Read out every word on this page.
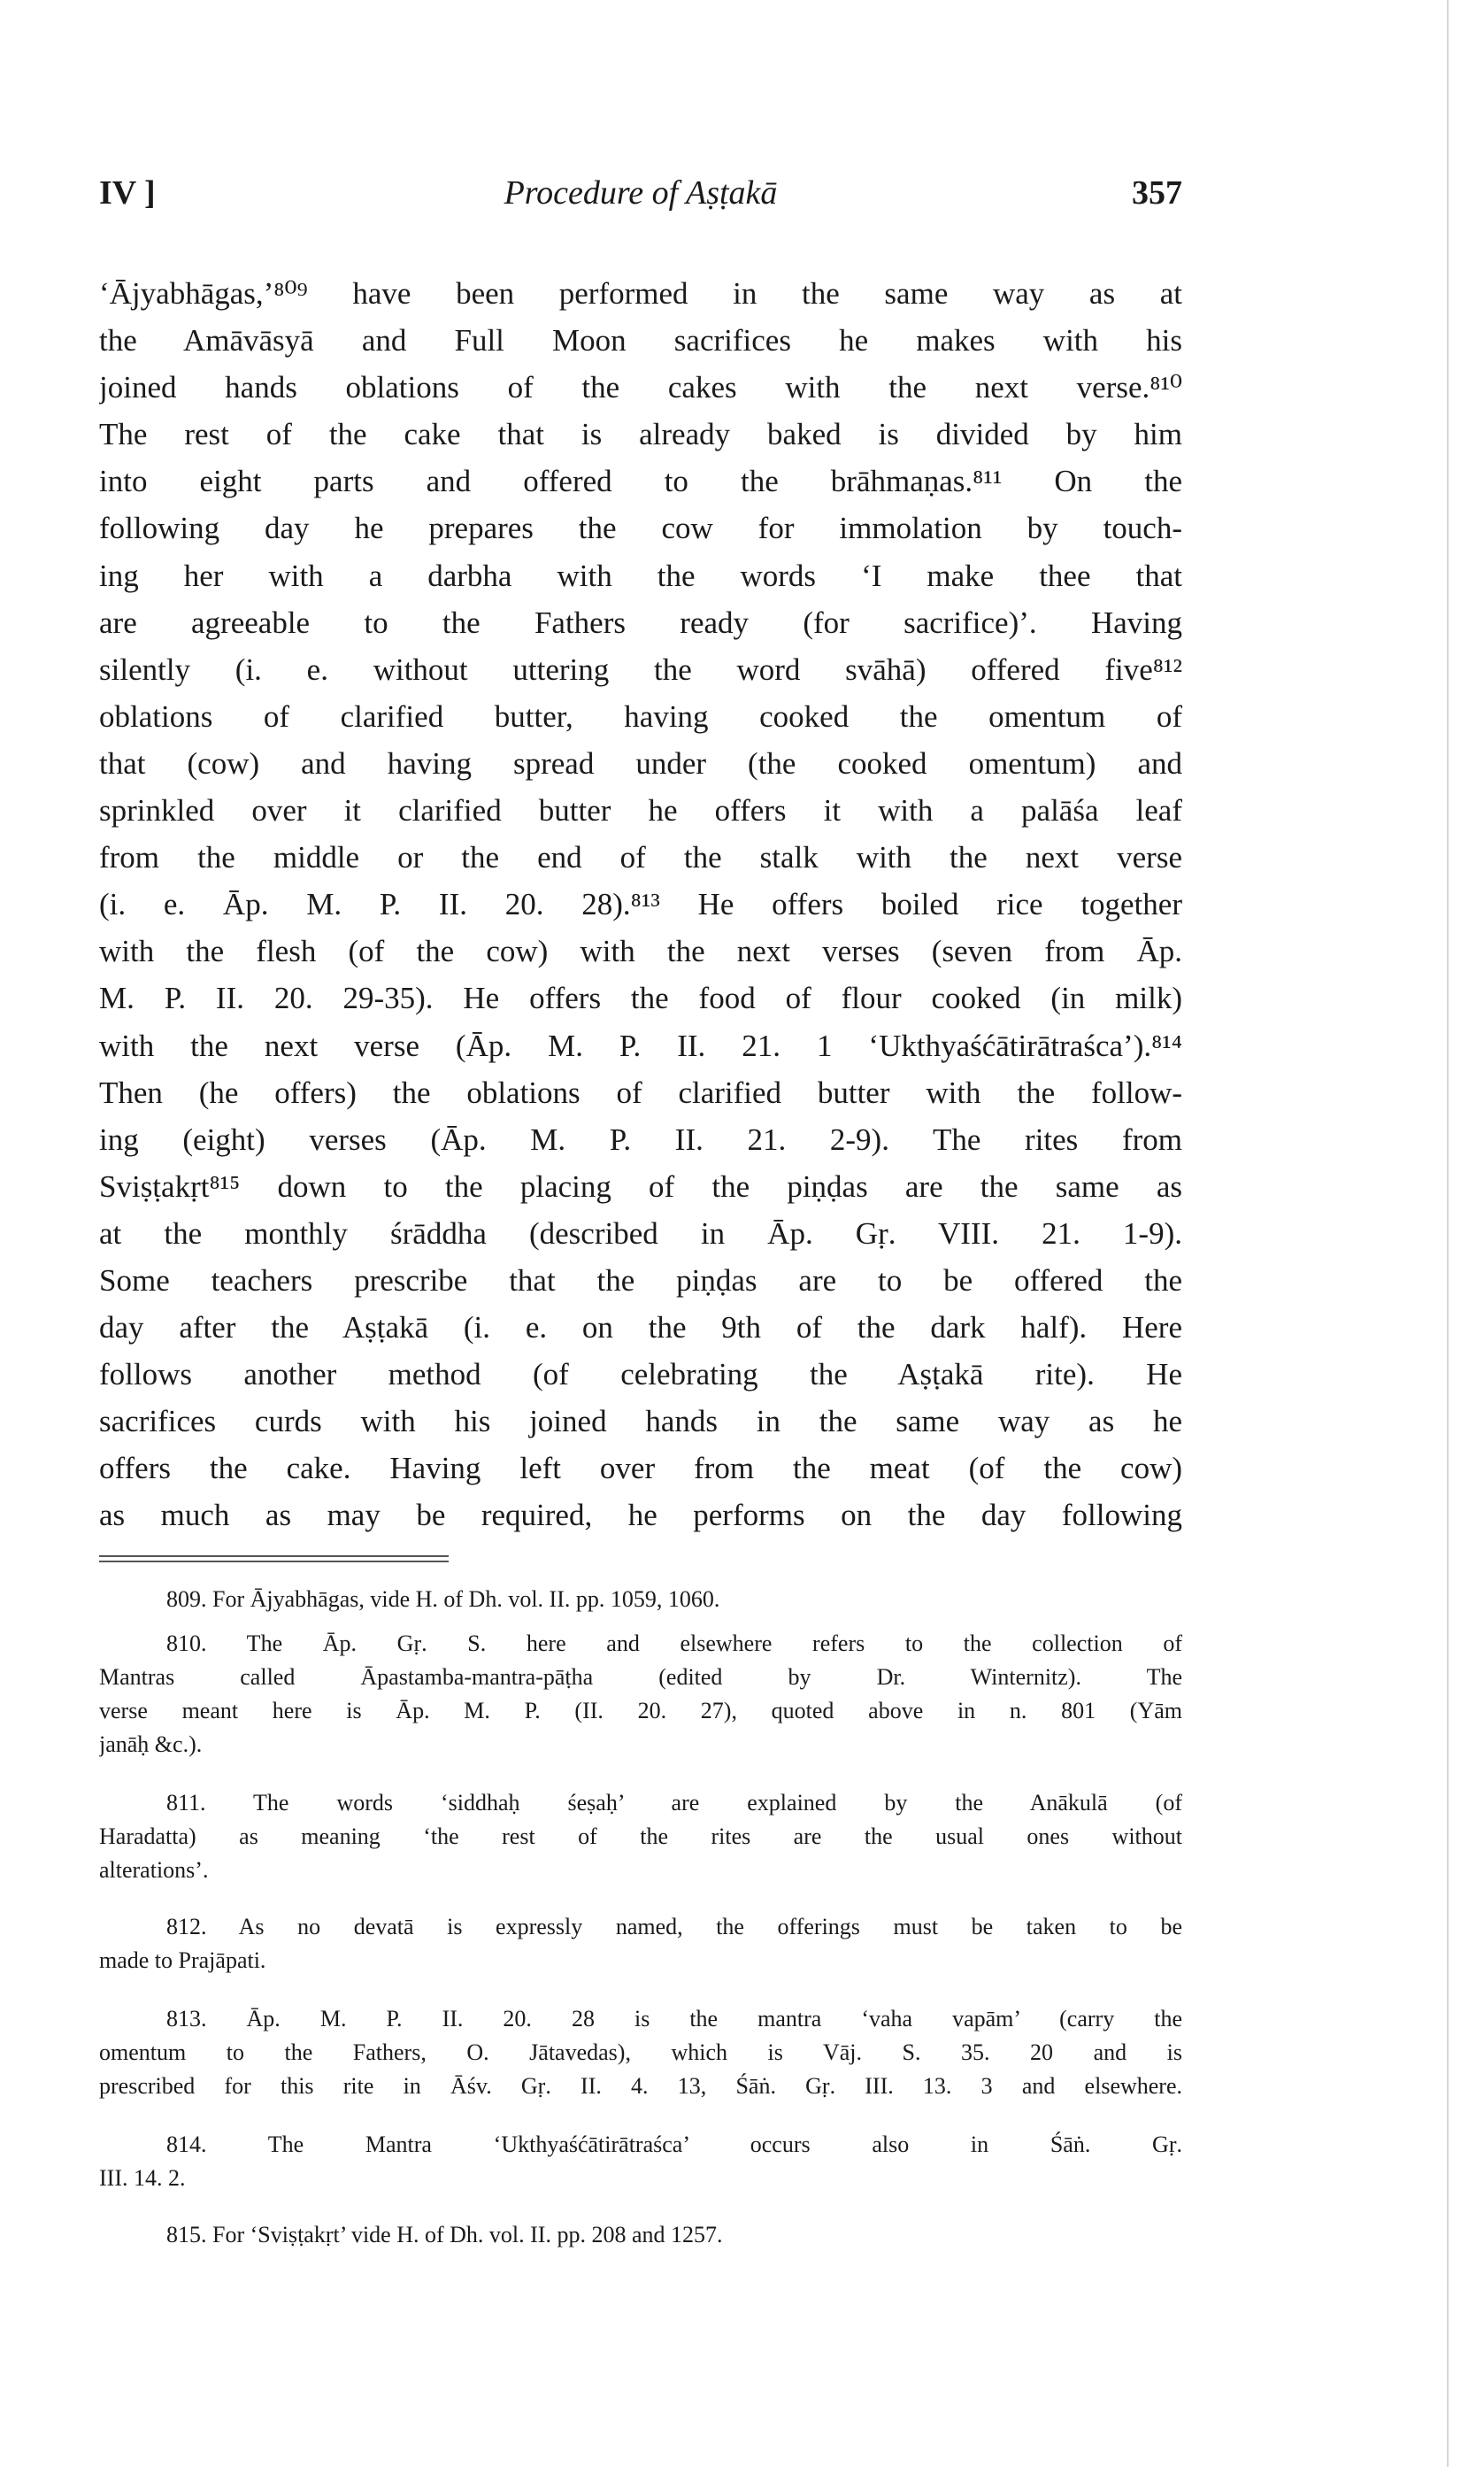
IV ]	Procedure of Aṣṭakā	357
‘Ājyabhāgas,’⁸⁰⁹ have been performed in the same way as at
the Amāvāsyā and Full Moon sacrifices he makes with his
joined hands oblations of the cakes with the next verse.⁸¹⁰
The rest of the cake that is already baked is divided by him
into eight parts and offered to the brāhmaṇas.⁸¹¹ On the
following day he prepares the cow for immolation by touch-
ing her with a darbha with the words ‘I make thee that
are agreeable to the Fathers ready (for sacrifice)’. Having
silently (i. e. without uttering the word svāhā) offered five⁸¹²
oblations of clarified butter, having cooked the omentum of
that (cow) and having spread under (the cooked omentum) and
sprinkled over it clarified butter he offers it with a palāśa leaf
from the middle or the end of the stalk with the next verse
(i. e. Āp. M. P. II. 20. 28).⁸¹³ He offers boiled rice together
with the flesh (of the cow) with the next verses (seven from Āp.
M. P. II. 20. 29-35). He offers the food of flour cooked (in milk)
with the next verse (Āp. M. P. II. 21. 1 ‘Ukthyaśćātirātraśca’).⁸¹⁴
Then (he offers) the oblations of clarified butter with the follow-
ing (eight) verses (Āp. M. P. II. 21. 2-9). The rites from
Sviṣṭakṛt⁸¹⁵ down to the placing of the piṇḍas are the same as
at the monthly śrāddha (described in Āp. Gṛ. VIII. 21. 1-9).
Some teachers prescribe that the piṇḍas are to be offered the
day after the Aṣṭakā (i. e. on the 9th of the dark half). Here
follows another method (of celebrating the Aṣṭakā rite). He
sacrifices curds with his joined hands in the same way as he
offers the cake. Having left over from the meat (of the cow)
as much as may be required, he performs on the day following
809. For Ājyabhāgas, vide H. of Dh. vol. II. pp. 1059, 1060.
810. The Āp. Gṛ. S. here and elsewhere refers to the collection of
Mantras called Āpastamba-mantra-pāṭha (edited by Dr. Winternitz). The
verse meant here is Āp. M. P. (II. 20. 27), quoted above in n. 801 (Yām
janāḥ &c.).
811. The words ‘siddhaḥ śeṣaḥ’ are explained by the Anākulā (of
Haradatta) as meaning ‘the rest of the rites are the usual ones without
alterations’.
812. As no devatā is expressly named, the offerings must be taken to be
made to Prajāpati.
813. Āp. M. P. II. 20. 28 is the mantra ‘vaha vapām’ (carry the
omentum to the Fathers, O. Jātavedas), which is Vāj. S. 35. 20 and is
prescribed for this rite in Āśv. Gṛ. II. 4. 13, Śāṅ. Gṛ. III. 13. 3 and elsewhere.
814. The Mantra ‘Ukthyaśćātirātraśca’ occurs also in Śāṅ. Gṛ.
III. 14. 2.
815. For ‘Sviṣṭakṛt’ vide H. of Dh. vol. II. pp. 208 and 1257.
